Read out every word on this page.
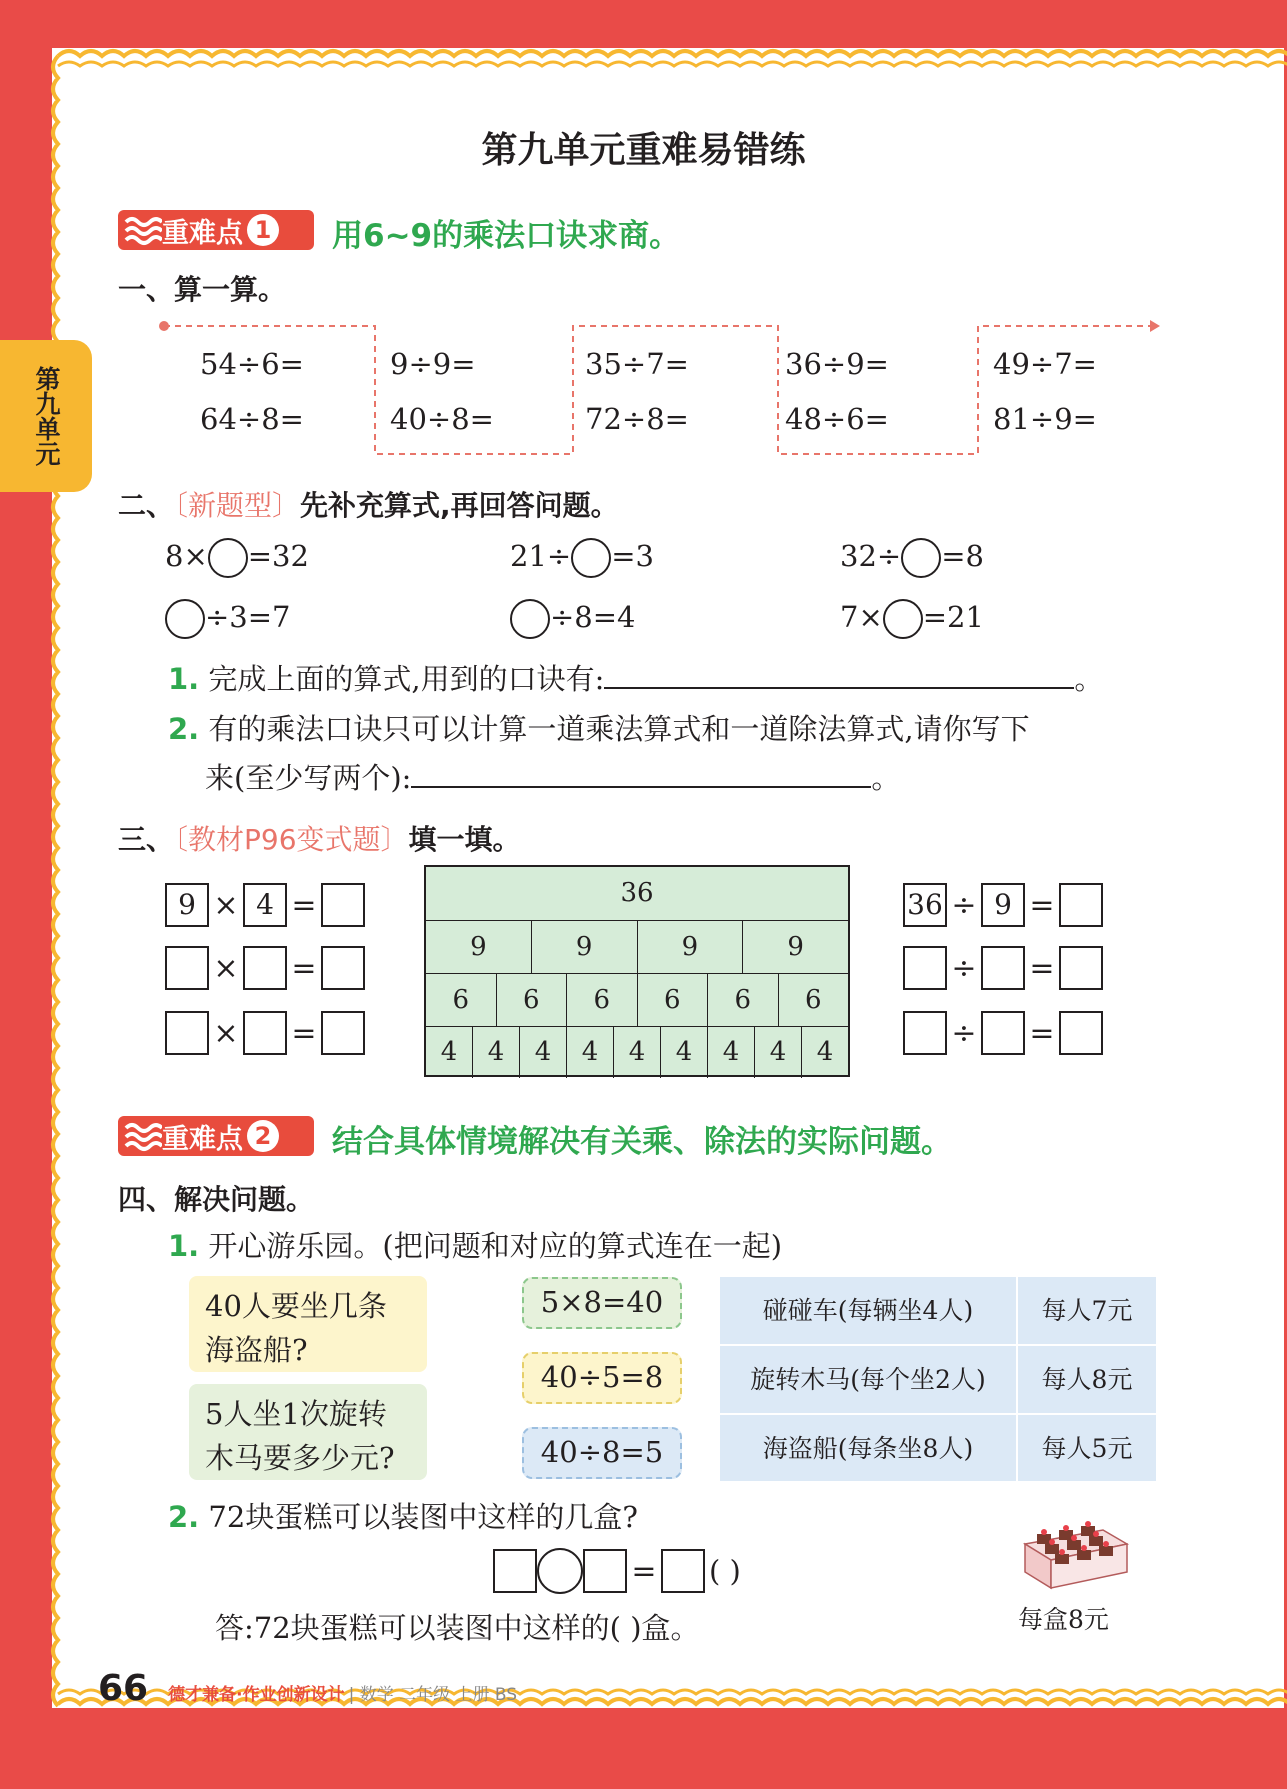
第九单元重难易错练
第九单元
重难点 1 用6~9的乘法口诀求商。
一、算一算。
54÷6=
64÷8=
9÷9=
40÷8=
35÷7=
72÷8=
36÷9=
48÷6=
49÷7=
81÷9=
二、〔新题型〕先补充算式,再回答问题。
8× =32	21÷ =3	32÷ =8
÷3=7	÷8=4	7× =21
1. 完成上面的算式,用到的口诀有:	。
2. 有的乘法口诀只可以计算一道乘法算式和一道除法算式,请你写下
来(至少写两个):	。
三、〔教材P96变式题〕填一填。
9 × 4 =
× =
× =
36
9	9	9	9
6	6	6	6	6	6
4	4	4	4	4	4	4	4	4
36 ÷ 9 =
÷ =
÷ =
重难点 2 结合具体情境解决有关乘、除法的实际问题。
四、解决问题。
1. 开心游乐园。(把问题和对应的算式连在一起)
40人要坐几条海盗船?
5人坐1次旋转木马要多少元?
5×8=40
40÷5=8
40÷8=5
碰碰车(每辆坐4人)	每人7元
旋转木马(每个坐2人)	每人8元
海盗船(每条坐8人)	每人5元
2. 72块蛋糕可以装图中这样的几盒?
= ( )
答:72块蛋糕可以装图中这样的( )盒。	每盒8元
66 德才兼备·作业创新设计 | 数学 二年级 上册 BS
